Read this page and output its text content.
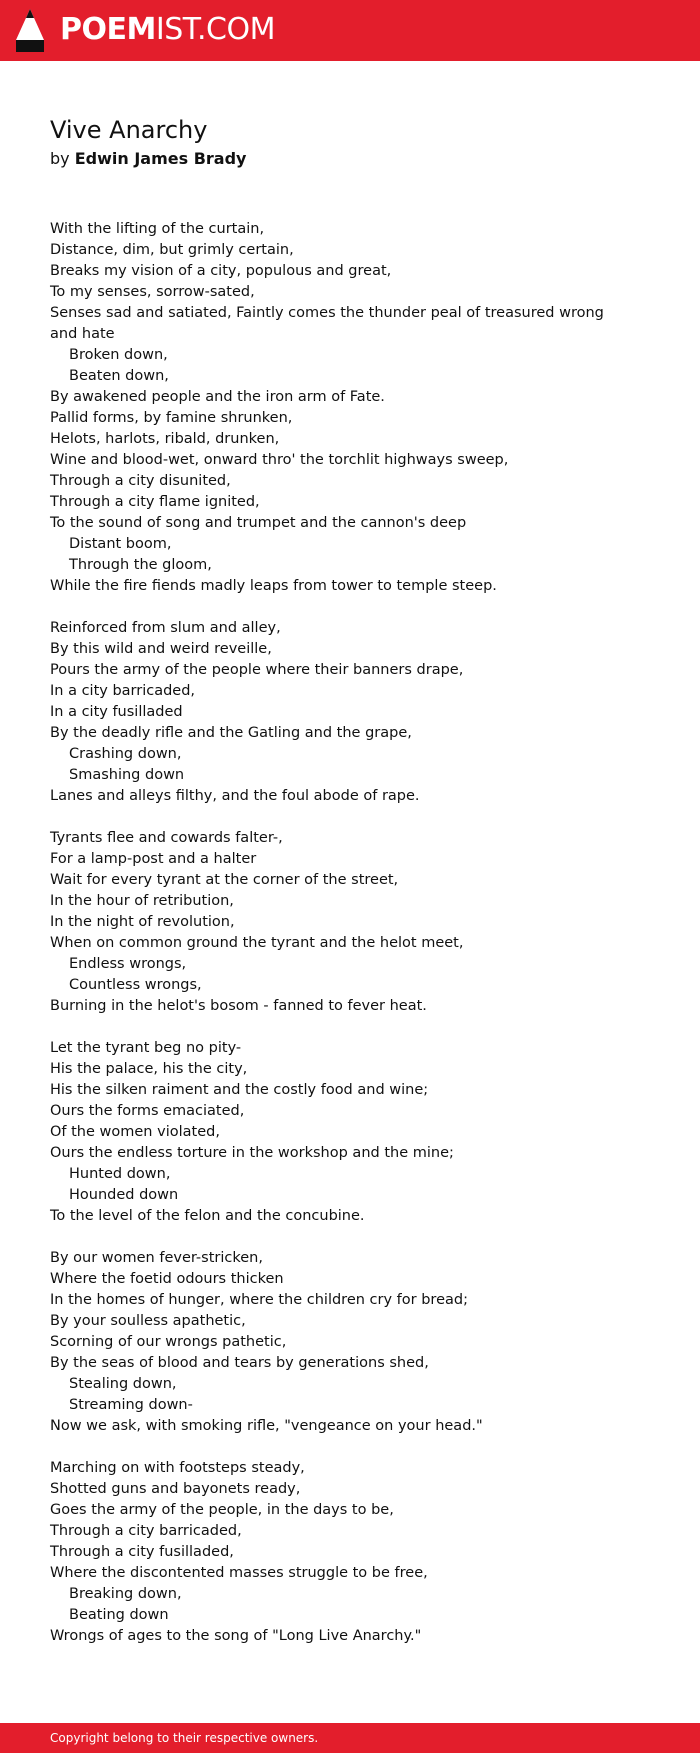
POEMIST.COM
Vive Anarchy
by Edwin James Brady
With the lifting of the curtain,
Distance, dim, but grimly certain,
Breaks my vision of a city, populous and great,
To my senses, sorrow-sated,
Senses sad and satiated, Faintly comes the thunder peal of treasured wrong
and hate
Broken down,
Beaten down,
By awakened people and the iron arm of Fate.
Pallid forms, by famine shrunken,
Helots, harlots, ribald, drunken,
Wine and blood-wet, onward thro' the torchlit highways sweep,
Through a city disunited,
Through a city flame ignited,
To the sound of song and trumpet and the cannon's deep
Distant boom,
Through the gloom,
While the fire fiends madly leaps from tower to temple steep.
Reinforced from slum and alley,
By this wild and weird reveille,
Pours the army of the people where their banners drape,
In a city barricaded,
In a city fusilladed
By the deadly rifle and the Gatling and the grape,
Crashing down,
Smashing down
Lanes and alleys filthy, and the foul abode of rape.
Tyrants flee and cowards falter-,
For a lamp-post and a halter
Wait for every tyrant at the corner of the street,
In the hour of retribution,
In the night of revolution,
When on common ground the tyrant and the helot meet,
Endless wrongs,
Countless wrongs,
Burning in the helot's bosom - fanned to fever heat.
Let the tyrant beg no pity-
His the palace, his the city,
His the silken raiment and the costly food and wine;
Ours the forms emaciated,
Of the women violated,
Ours the endless torture in the workshop and the mine;
Hunted down,
Hounded down
To the level of the felon and the concubine.
By our women fever-stricken,
Where the foetid odours thicken
In the homes of hunger, where the children cry for bread;
By your soulless apathetic,
Scorning of our wrongs pathetic,
By the seas of blood and tears by generations shed,
Stealing down,
Streaming down-
Now we ask, with smoking rifle, "vengeance on your head."
Marching on with footsteps steady,
Shotted guns and bayonets ready,
Goes the army of the people, in the days to be,
Through a city barricaded,
Through a city fusilladed,
Where the discontented masses struggle to be free,
Breaking down,
Beating down
Wrongs of ages to the song of "Long Live Anarchy."
Copyright belong to their respective owners.
